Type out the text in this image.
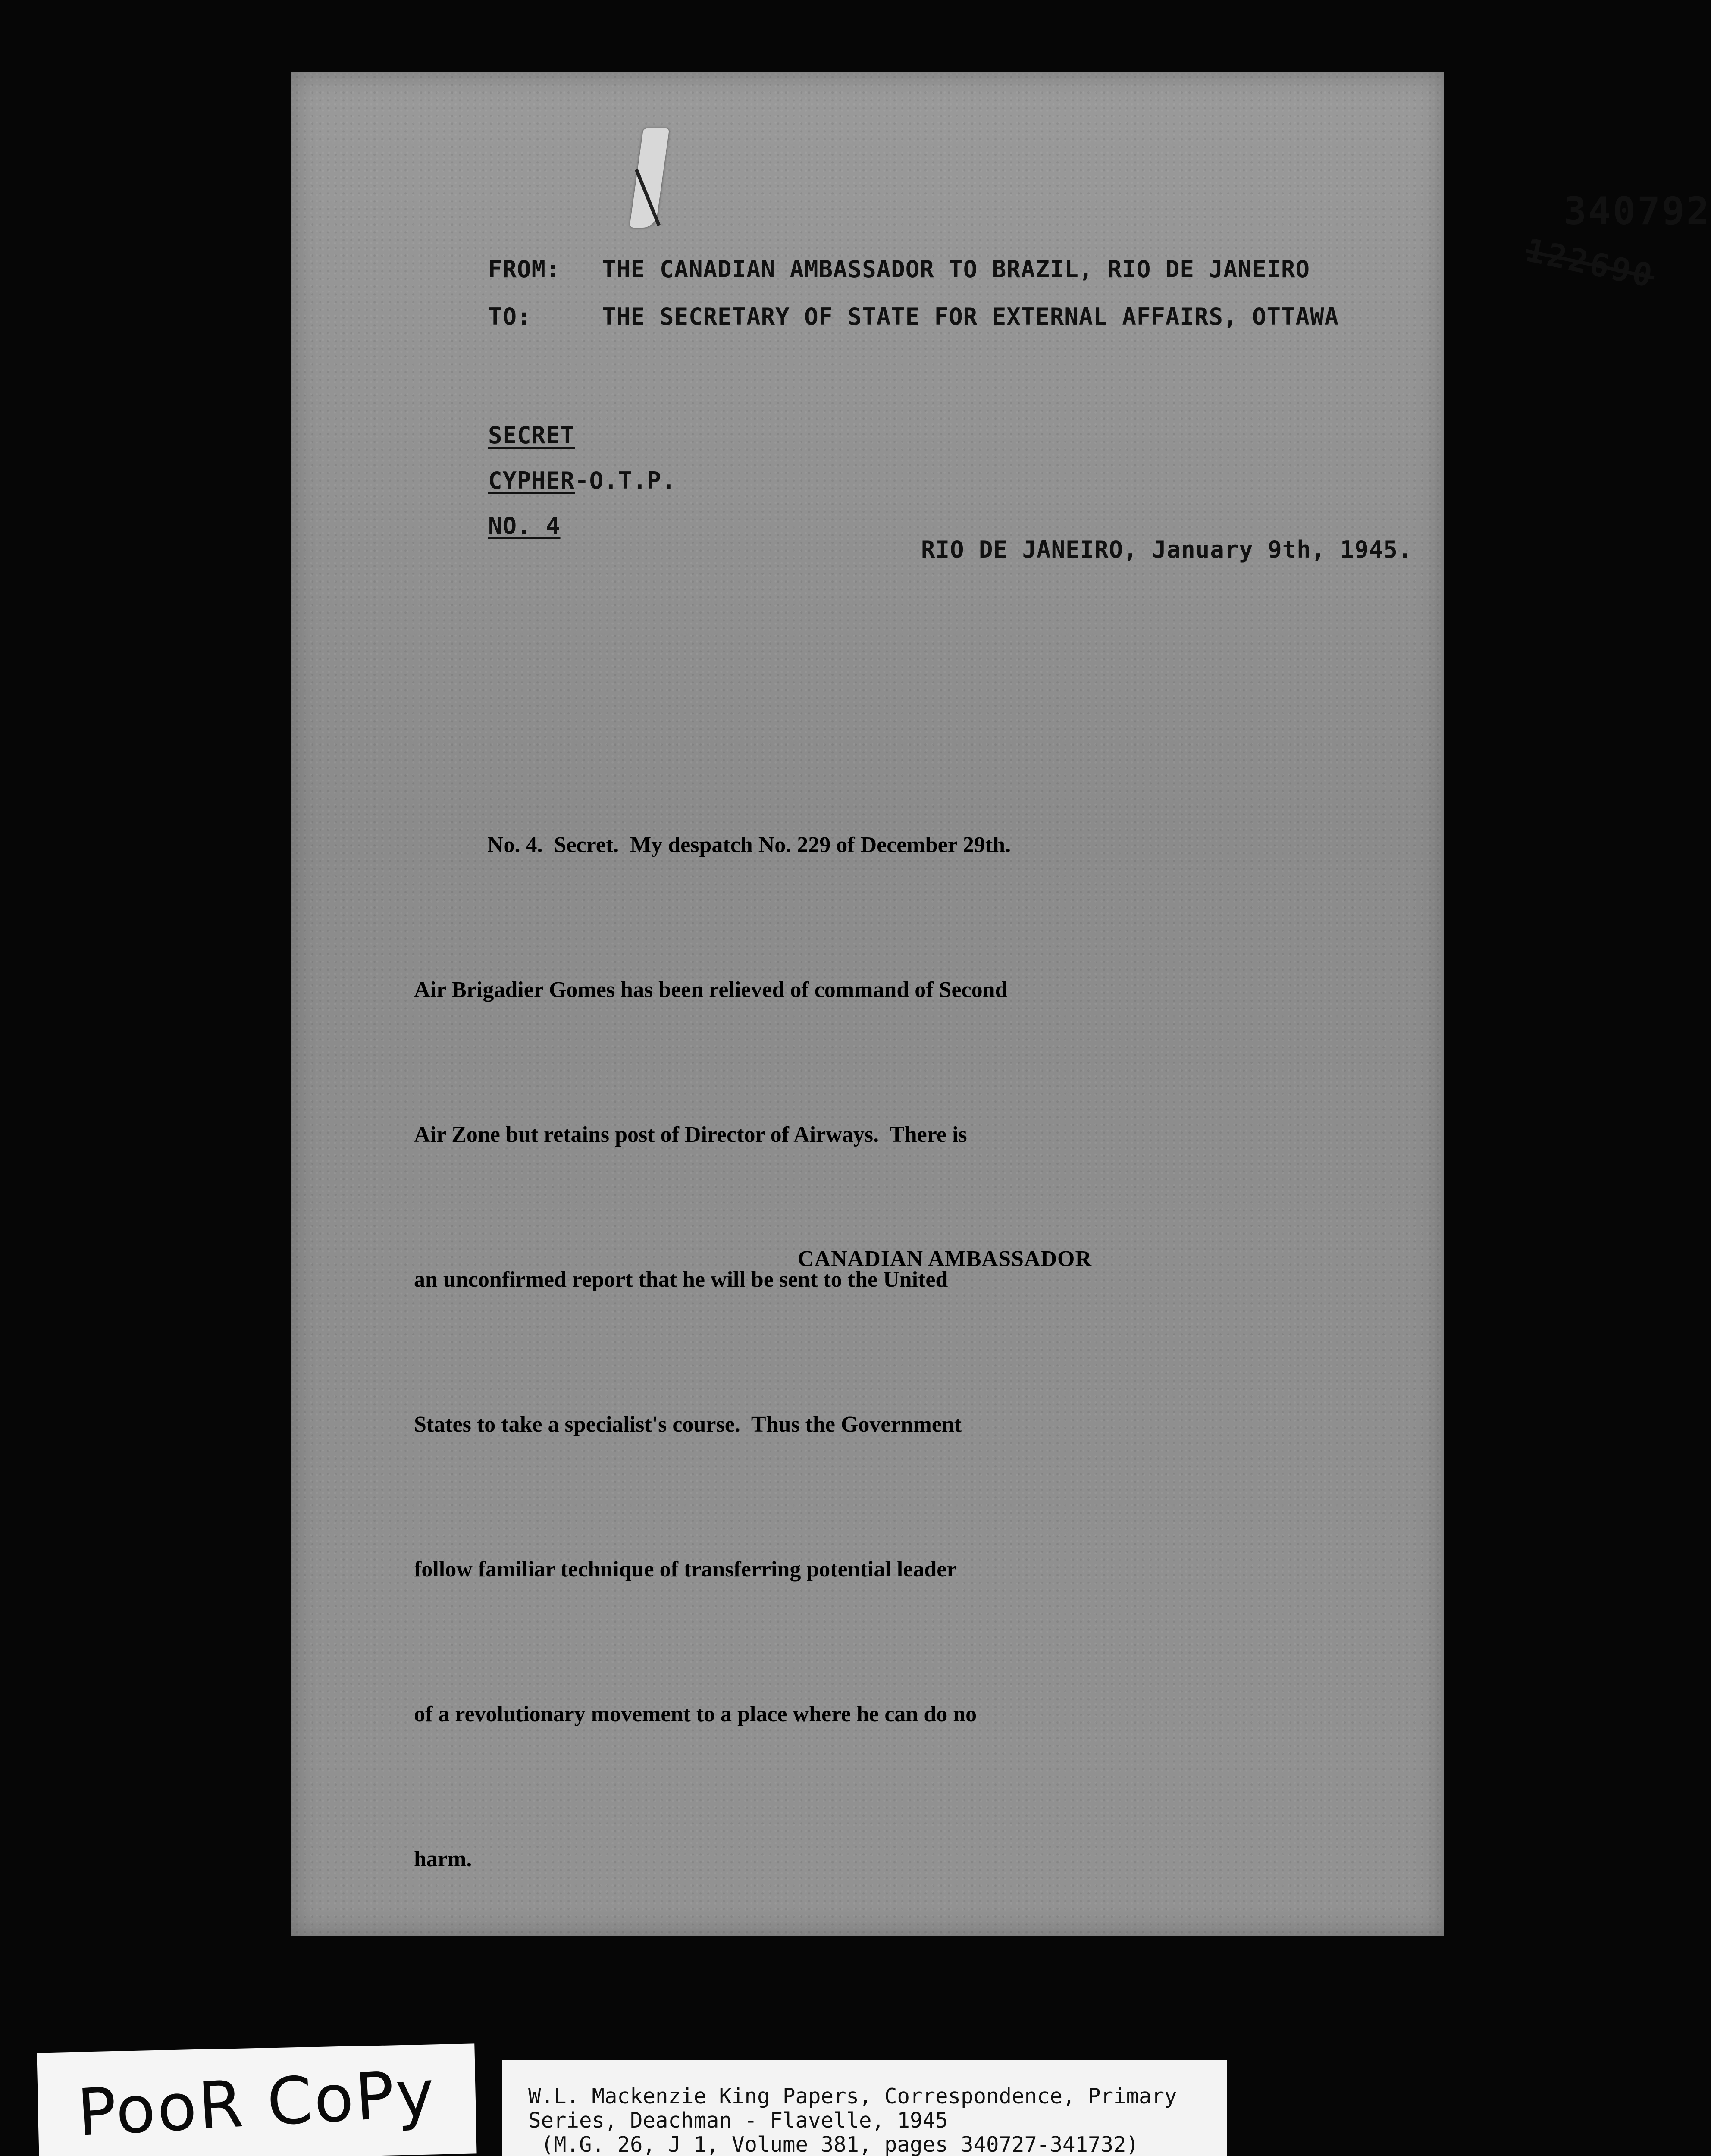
340792
122690
FROM: THE CANADIAN AMBASSADOR TO BRAZIL, RIO DE JANEIRO
TO:	THE SECRETARY OF STATE FOR EXTERNAL AFFAIRS, OTTAWA
SECRET
CYPHER-O.T.P.
NO. 4
RIO DE JANEIRO, January 9th, 1945.

No. 4.  Secret.  My despatch No. 229 of December 29th.

Air Brigadier Gomes has been relieved of command of Second

Air Zone but retains post of Director of Airways.  There is

an unconfirmed report that he will be sent to the United

States to take a specialist's course.  Thus the Government

follow familiar technique of transferring potential leader

of a revolutionary movement to a place where he can do no

harm.

CANADIAN AMBASSADOR
PooR CoPy	W.L. Mackenzie King Papers, Correspondence, Primary
Series, Deachman - Flavelle, 1945
(M.G. 26, J 1, Volume 381, pages 340727-341732)
